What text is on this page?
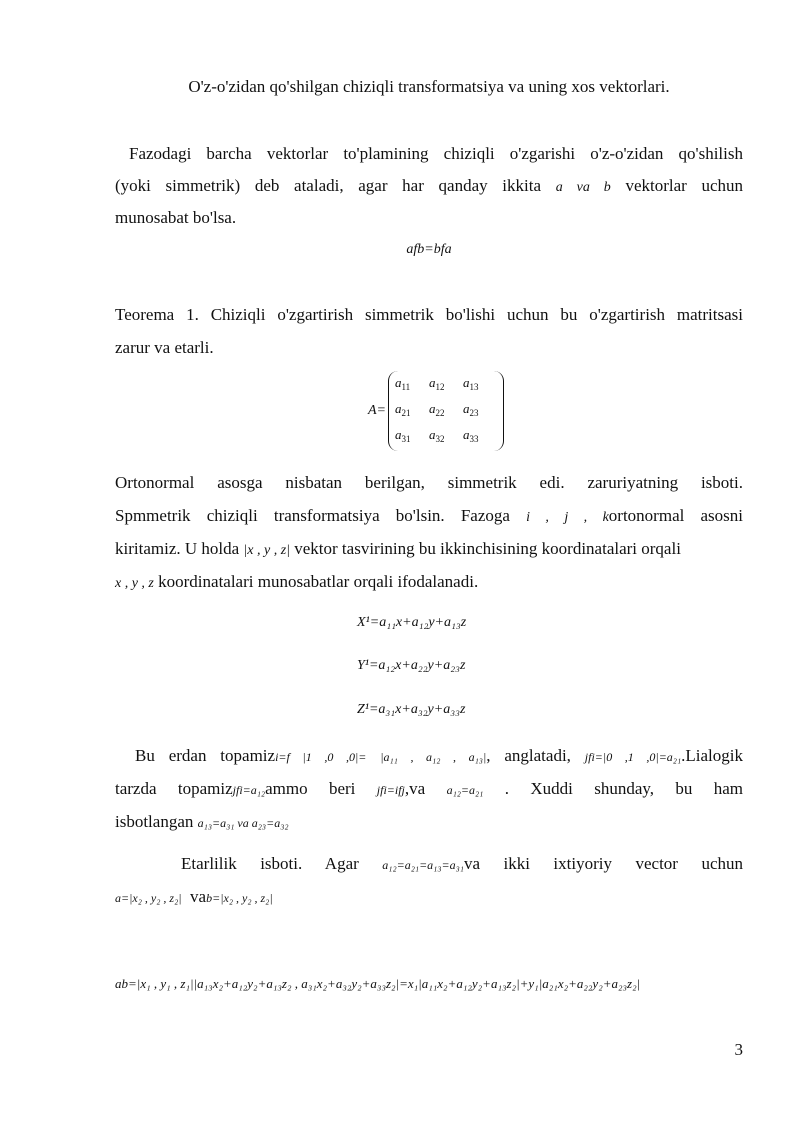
O'z-o'zidan qo'shilgan chiziqli transformatsiya va uning xos vektorlari.
Fazodagi barcha vektorlar to'plamining chiziqli o'zgarishi o'z-o'zidan qo'shilish
(yoki simmetrik) deb ataladi, agar har qanday ikkita a va b vektorlar uchun
munosabat bo'lsa.
afb=bfa
Teorema 1. Chiziqli o'zgartirish simmetrik bo'lishi uchun bu o'zgartirish matritsasi
zarur va etarli.
A=
$a_{11}$	$a_{12}$	$a_{13}$
$a_{21}$	$a_{22}$	$a_{23}$
$a_{31}$	$a_{32}$	$a_{33}$
Ortonormal asosga nisbatan berilgan, simmetrik edi. zaruriyatning isboti.
Spmmetrik chiziqli transformatsiya bo'lsin. Fazoga i , j , kortonormal asosni
kiritamiz. U holda |x , y , z| vektor tasvirining bu ikkinchisining koordinatalari orqali
x , y , z koordinatalari munosabatlar orqali ifodalanadi.
X¹=a₁₁x+a₁₂y+a₁₃z
Y¹=a₁₂x+a₂₂y+a₂₃z
Z¹=a₃₁x+a₃₂y+a₃₃z
Bu erdan topamizi=f |1 ,0 ,0|= |a₁₁ , a₁₂ , a₁₃|, anglatadi, jfi=|0 ,1 ,0|=a₂₁.Lialogik
tarzda topamizjfi=a₁₂ammo beri jfi=ifj,va a₁₂=a₂₁ . Xuddi shunday, bu ham
isbotlangan a₁₃=a₃₁ va a₂₃=a₃₂
Etarlilik isboti. Agar a₁₂=a₂₁=a₁₃=a₃₁va ikki ixtiyoriy vector uchun
a=|x₂ , y₂ , z₂| vab=|x₂ , y₂ , z₂|
ab=|x₁ , y₁ , z₁||a₁₃x₂+a₁₂y₂+a₁₃z₂ , a₃₁x₂+a₃₂y₂+a₃₃z₂|=x₁|a₁₁x₂+a₁₂y₂+a₁₃z₂|+y₁|a₂₁x₂+a₂₂y₂+a₂₃z₂|
3
